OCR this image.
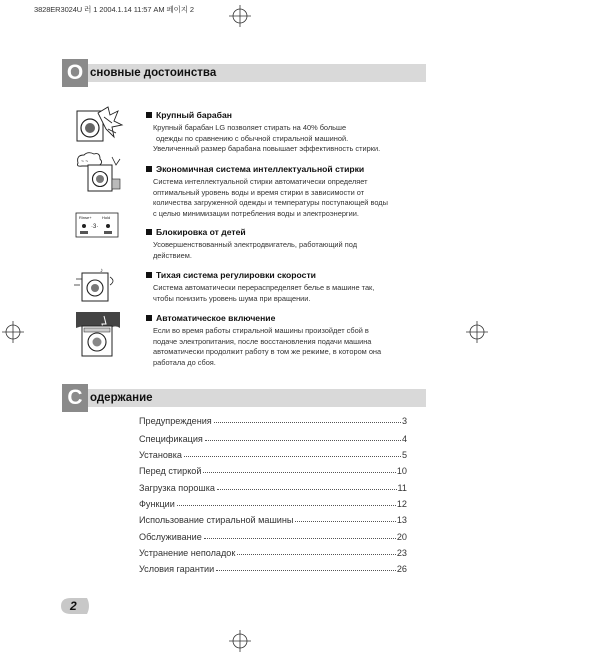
3828ER3024U 러 1 2004.1.14 11:57 AM 페이지 2
О сновные достоинства
~ ~
Rinse+	Hold
·3·
♪
Крупный барабан
Крупный барабан LG позволяет стирать на 40% больше
одежды по сравнению с обычной стиральной машиной.
Увеличенный размер барабана повышает эффективность стирки.
Экономичная система интеллектуальной стирки
Система интеллектуальной стирки автоматически определяет
оптимальный уровень воды и время стирки в зависимости от
количества загруженной одежды и температуры поступающей воды
с целью минимизации потребления воды и электроэнергии.
Блокировка от детей
Усовершенствованный электродвигатель, работающий под
действием.
Тихая система регулировки скорости
Система автоматически перераспределяет белье в машине так,
чтобы понизить уровень шума при вращении.
Автоматическое включение
Если во время работы стиральной машины произойдет сбой в
подаче электропитания, после восстановления подачи машина
автоматически продолжит работу в том же режиме, в котором она
работала до сбоя.
С одержание
Предупреждения	3
Спецификация	4
Установка	5
Перед стиркой	10
Загрузка порошка	11
Функции	12
Использование стиральной машины	13
Обслуживание	20
Устранение неполадок	23
Условия гарантии	26
2
